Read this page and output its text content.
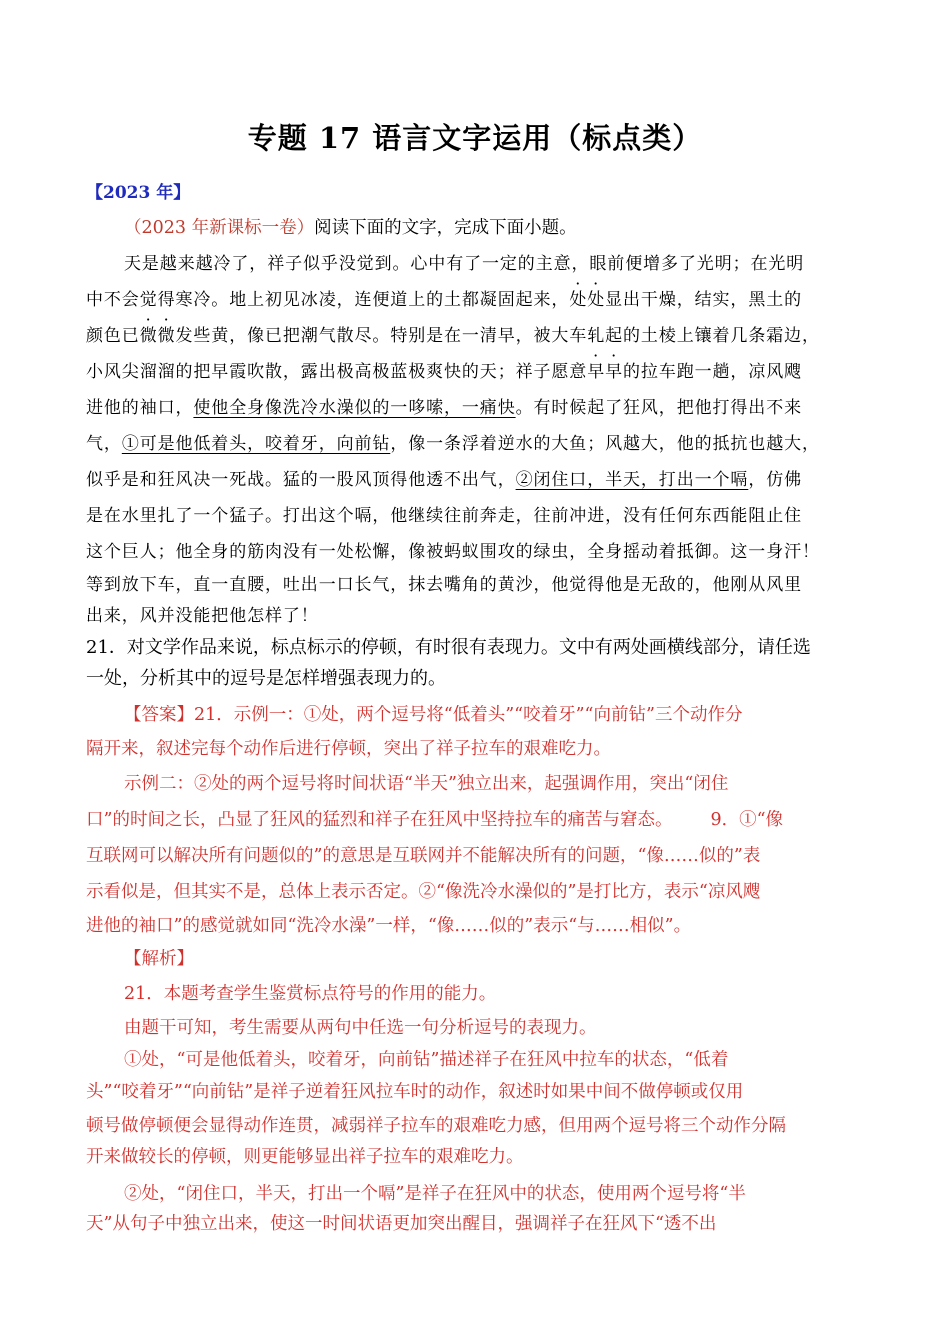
专题 17 语言文字运用（标点类）
【2023 年】
（2023 年新课标一卷）阅读下面的文字，完成下面小题。
天是越来越冷了，祥子似乎没觉到。心中有了一定的主意，眼前便增多了光明；在光明
中不会觉得寒冷。地上初见冰凌，连便道上的土都凝固起来，处处显出干燥，结实，黑土的
颜色已微微发些黄，像已把潮气散尽。特别是在一清早，被大车轧起的土棱上镶着几条霜边，
小风尖溜溜的把早霞吹散，露出极高极蓝极爽快的天；祥子愿意早早的拉车跑一趟，凉风飕
进他的袖口，使他全身像洗冷水澡似的一哆嗦，一痛快。有时候起了狂风，把他打得出不来
气，①可是他低着头，咬着牙，向前钻，像一条浮着逆水的大鱼；风越大，他的抵抗也越大，
似乎是和狂风决一死战。猛的一股风顶得他透不出气，②闭住口，半天，打出一个嗝，仿佛
是在水里扎了一个猛子。打出这个嗝，他继续往前奔走，往前冲进，没有任何东西能阻止住
这个巨人；他全身的筋肉没有一处松懈，像被蚂蚁围攻的绿虫，全身摇动着抵御。这一身汗！
等到放下车，直一直腰，吐出一口长气，抹去嘴角的黄沙，他觉得他是无敌的，他刚从风里
出来，风并没能把他怎样了！
21．对文学作品来说，标点标示的停顿，有时很有表现力。文中有两处画横线部分，请任选
一处，分析其中的逗号是怎样增强表现力的。
【答案】21．示例一：①处，两个逗号将“低着头”“咬着牙”“向前钻”三个动作分
隔开来，叙述完每个动作后进行停顿，突出了祥子拉车的艰难吃力。
示例二：②处的两个逗号将时间状语“半天”独立出来，起强调作用，突出“闭住
口”的时间之长，凸显了狂风的猛烈和祥子在狂风中坚持拉车的痛苦与窘态。 9．①“像
互联网可以解决所有问题似的”的意思是互联网并不能解决所有的问题，“像……似的”表
示看似是，但其实不是，总体上表示否定。②“像洗冷水澡似的”是打比方，表示“凉风飕
进他的袖口”的感觉就如同“洗冷水澡”一样，“像……似的”表示“与……相似”。
【解析】
21．本题考查学生鉴赏标点符号的作用的能力。
由题干可知，考生需要从两句中任选一句分析逗号的表现力。
①处，“可是他低着头，咬着牙，向前钻”描述祥子在狂风中拉车的状态，“低着
头”“咬着牙”“向前钻”是祥子逆着狂风拉车时的动作，叙述时如果中间不做停顿或仅用
顿号做停顿便会显得动作连贯，减弱祥子拉车的艰难吃力感，但用两个逗号将三个动作分隔
开来做较长的停顿，则更能够显出祥子拉车的艰难吃力。
②处，“闭住口，半天，打出一个嗝”是祥子在狂风中的状态，使用两个逗号将“半
天”从句子中独立出来，使这一时间状语更加突出醒目，强调祥子在狂风下“透不出
